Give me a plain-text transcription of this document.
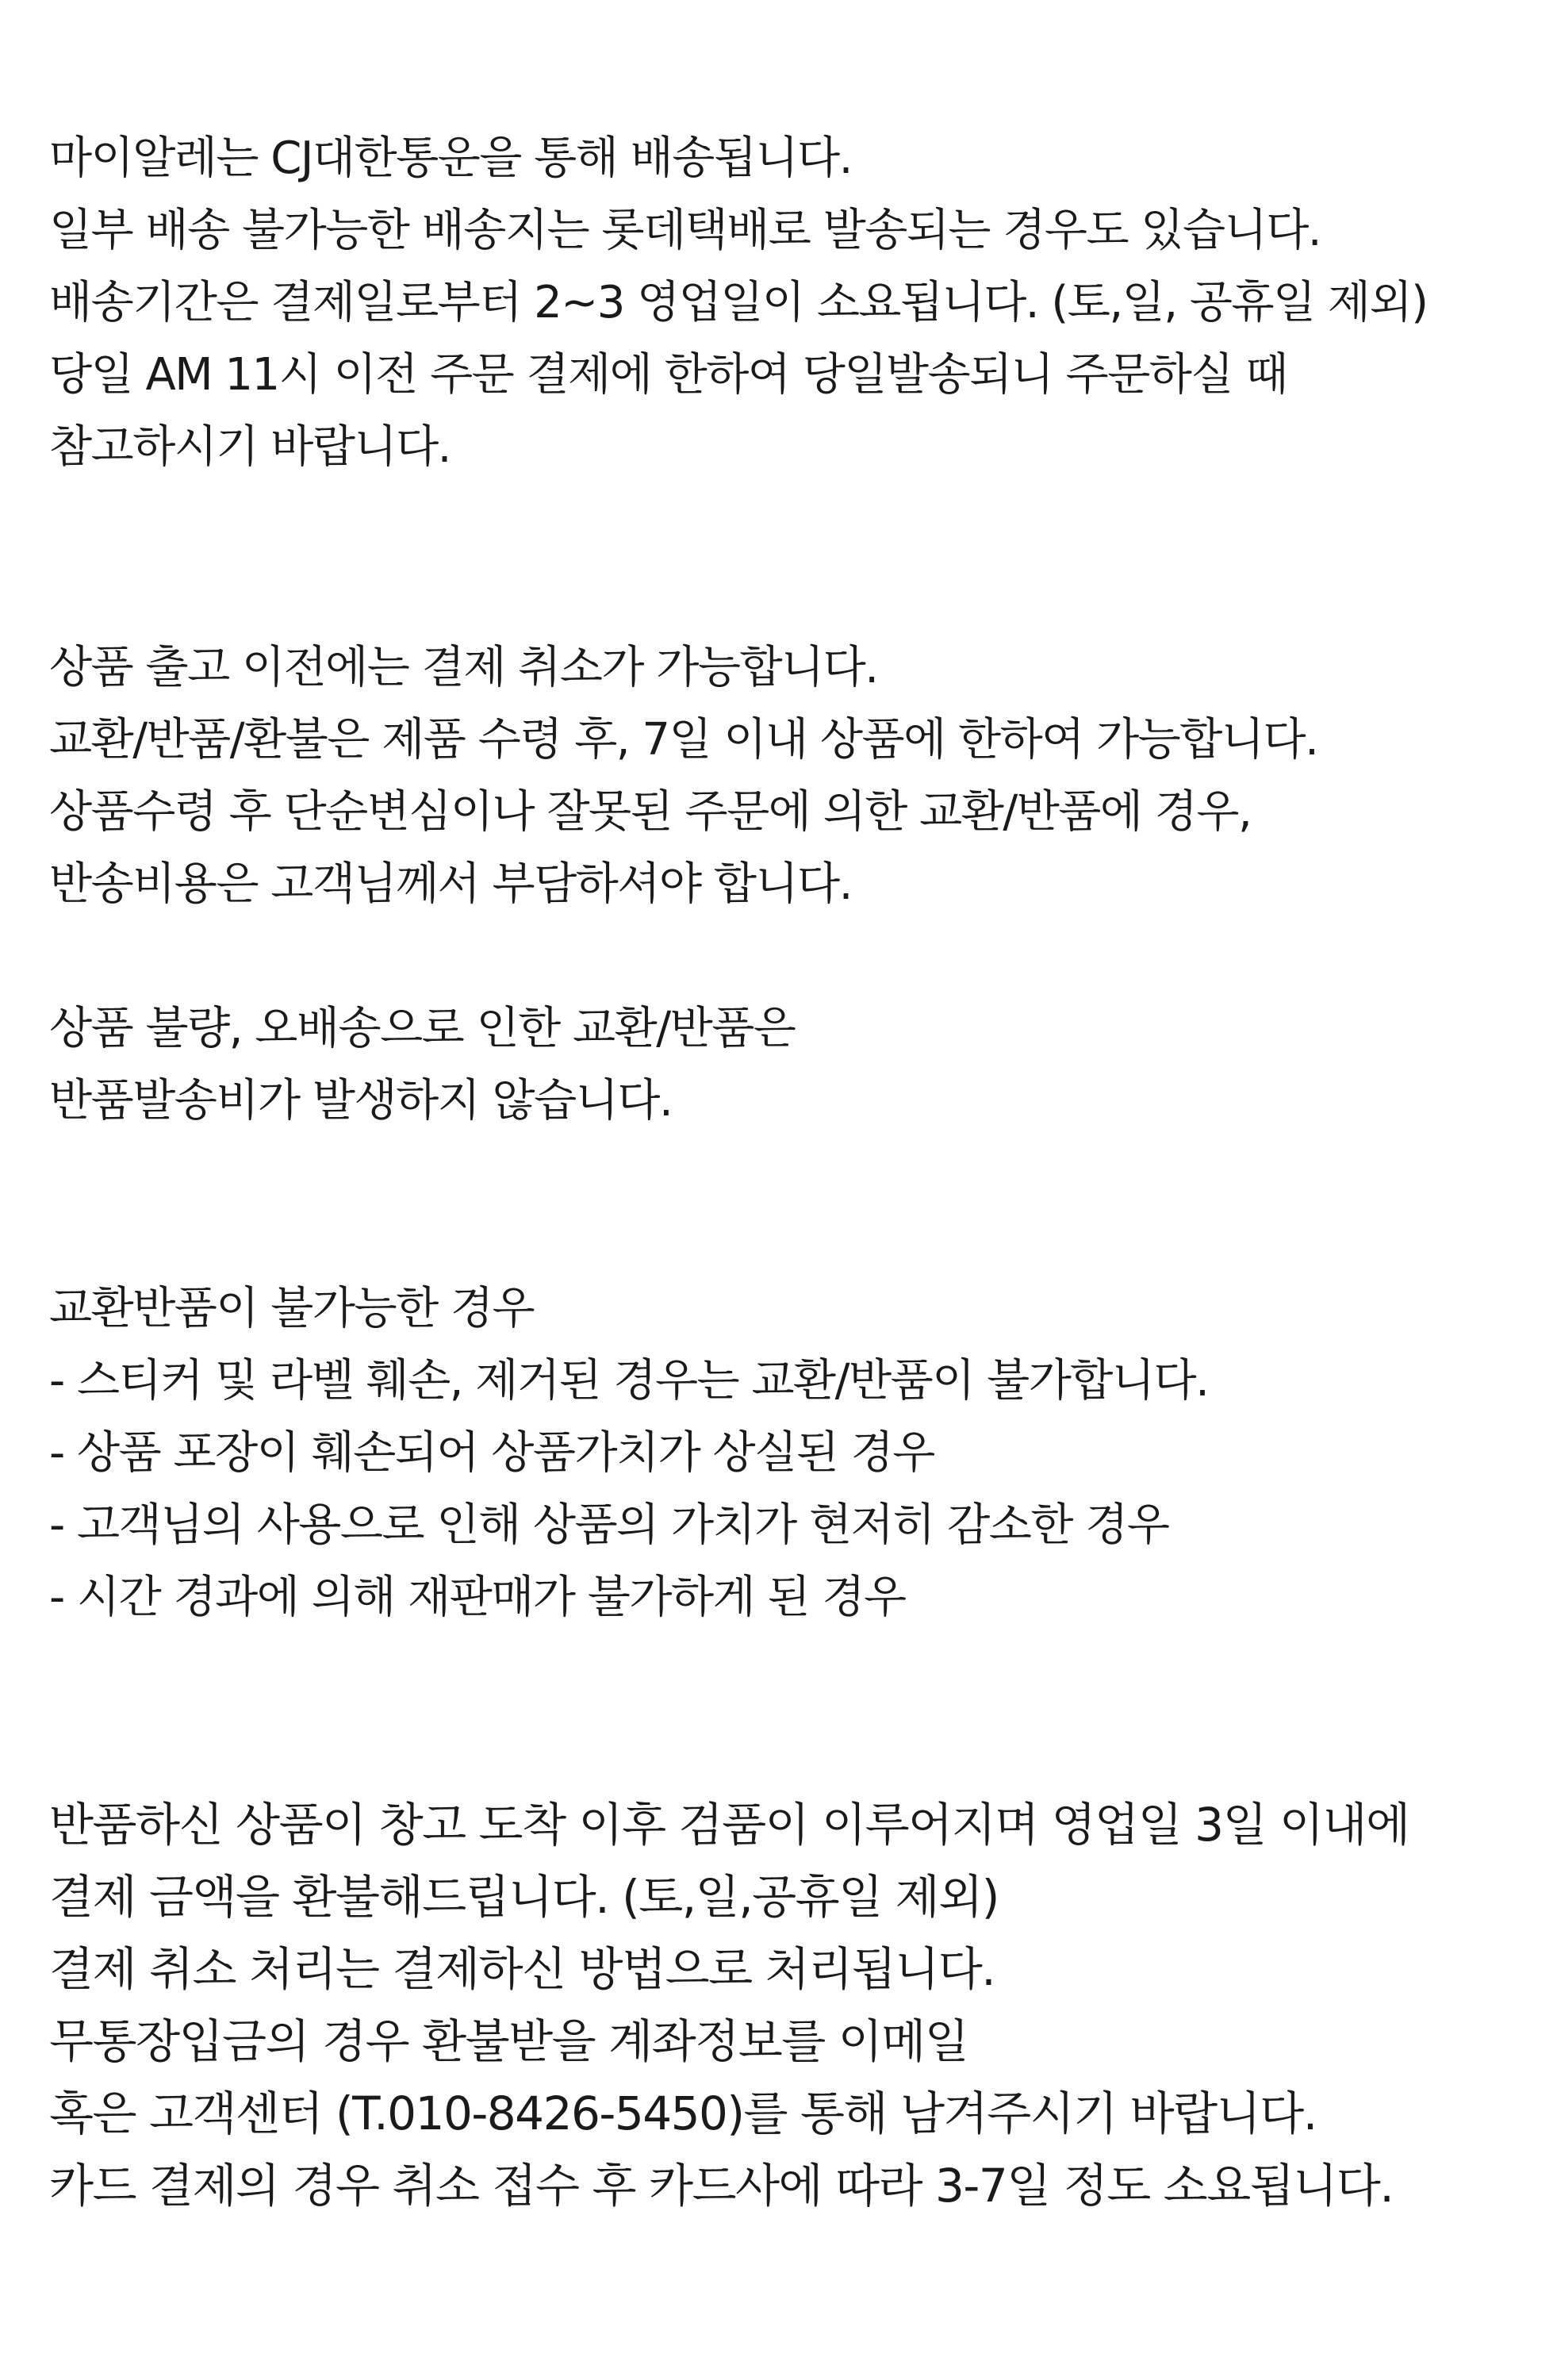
마이알레는 CJ대한통운을 통해 배송됩니다.
일부 배송 불가능한 배송지는 롯데택배로 발송되는 경우도 있습니다.
배송기간은 결제일로부터 2~3 영업일이 소요됩니다. (토,일, 공휴일 제외)
당일 AM 11시 이전 주문 결제에 한하여 당일발송되니 주문하실 때
참고하시기 바랍니다.
상품 출고 이전에는 결제 취소가 가능합니다.
교환/반품/환불은 제품 수령 후, 7일 이내 상품에 한하여 가능합니다.
상품수령 후 단순변심이나 잘못된 주문에 의한 교환/반품에 경우,
반송비용은 고객님께서 부담하셔야 합니다.
상품 불량, 오배송으로 인한 교환/반품은
반품발송비가 발생하지 않습니다.
교환반품이 불가능한 경우
- 스티커 및 라벨 훼손, 제거된 경우는 교환/반품이 불가합니다.
- 상품 포장이 훼손되어 상품가치가 상실된 경우
- 고객님의 사용으로 인해 상품의 가치가 현저히 감소한 경우
- 시간 경과에 의해 재판매가 불가하게 된 경우
반품하신 상품이 창고 도착 이후 검품이 이루어지며 영업일 3일 이내에
결제 금액을 환불해드립니다. (토,일,공휴일 제외)
결제 취소 처리는 결제하신 방법으로 처리됩니다.
무통장입금의 경우 환불받을 계좌정보를 이메일
혹은 고객센터 (T.010-8426-5450)를 통해 남겨주시기 바랍니다.
카드 결제의 경우 취소 접수 후 카드사에 따라 3-7일 정도 소요됩니다.
